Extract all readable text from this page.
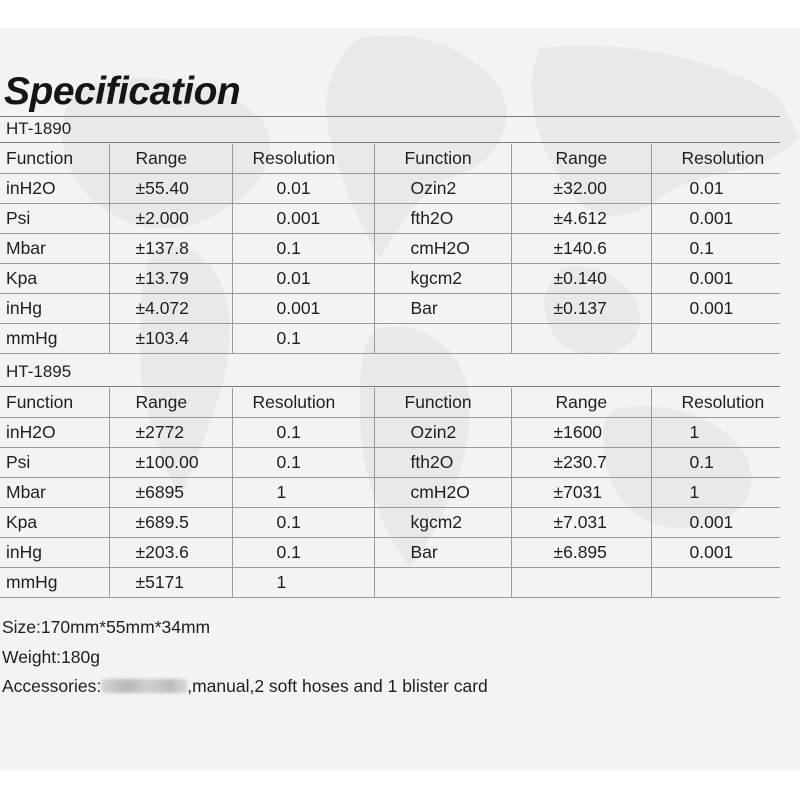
Specification
HT-1890
Function	Range	Resolution	Function	Range	Resolution
inH2O	±55.40	0.01	Ozin2	±32.00	0.01
Psi	±2.000	0.001	fth2O	±4.612	0.001
Mbar	±137.8	0.1	cmH2O	±140.6	0.1
Kpa	±13.79	0.01	kgcm2	±0.140	0.001
inHg	±4.072	0.001	Bar	±0.137	0.001
mmHg	±103.4	0.1			
HT-1895
Function	Range	Resolution	Function	Range	Resolution
inH2O	±2772	0.1	Ozin2	±1600	1
Psi	±100.00	0.1	fth2O	±230.7	0.1
Mbar	±6895	1	cmH2O	±7031	1
Kpa	±689.5	0.1	kgcm2	±7.031	0.001
inHg	±203.6	0.1	Bar	±6.895	0.001
mmHg	±5171	1			
Size:170mm*55mm*34mm
Weight:180g
Accessories:	,manual,2 soft hoses and 1 blister card
